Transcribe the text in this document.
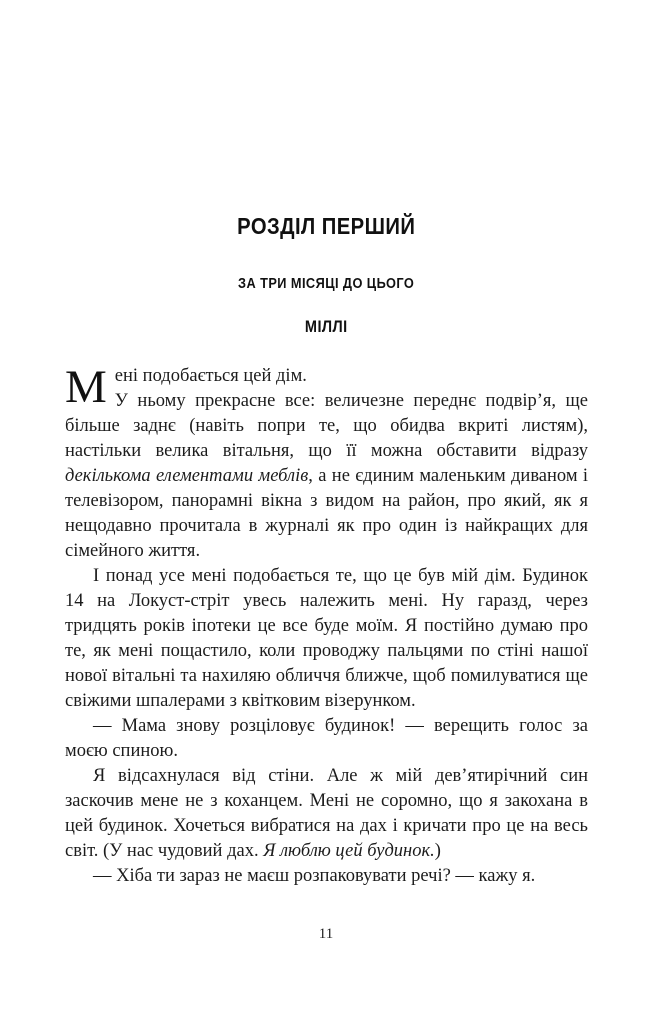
РОЗДІЛ ПЕРШИЙ
ЗА ТРИ МІСЯЦІ ДО ЦЬОГО
МІЛЛІ

Мені подобається цей дім.
У ньому прекрасне все: величезне переднє подвір’я, ще більше заднє (навіть попри те, що обидва вкриті листям), настільки велика вітальня, що її можна обставити відразу декількома елементами меблів, а не єдиним маленьким диваном і телевізором, панорамні вікна з видом на район, про який, як я нещодавно прочитала в журналі як про один із найкращих для сімейного життя.

І понад усе мені подобається те, що це був мій дім. Будинок 14 на Локуст-стріт увесь належить мені. Ну гаразд, через тридцять років іпотеки це все буде моїм. Я постійно думаю про те, як мені пощастило, коли проводжу пальцями по стіні нашої нової вітальні та нахиляю обличчя ближче, щоб помилуватися ще свіжими шпалерами з квітковим візерунком.

— Мама знову розціловує будинок! — верещить голос за моєю спиною.

Я відсахнулася від стіни. Але ж мій дев’ятирічний син заскочив мене не з коханцем. Мені не соромно, що я закохана в цей будинок. Хочеться вибратися на дах і кричати про це на весь світ. (У нас чудовий дах. Я люблю цей будинок.)

— Хіба ти зараз не маєш розпаковувати речі? — кажу я.

11
